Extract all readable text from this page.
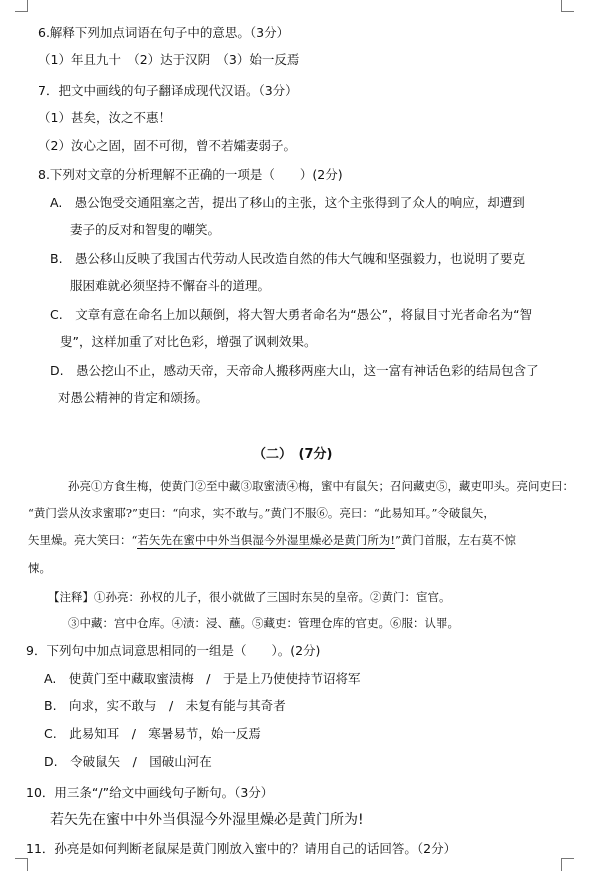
6.解释下列加点词语在句子中的意思。（3分）
（1）年且九十　（2）达于汉阴　（3）始一反焉
7．把文中画线的句子翻译成现代汉语。（3分）
（1）甚矣，汝之不惠！
（2）汝心之固，固不可彻，曾不若孀妻弱子。
8.下列对文章的分析理解不正确的一项是（　　）(2分)
A.　愚公饱受交通阻塞之苦，提出了移山的主张，这个主张得到了众人的响应，却遭到
妻子的反对和智叟的嘲笑。
B.　愚公移山反映了我国古代劳动人民改造自然的伟大气魄和坚强毅力，也说明了要克
服困难就必须坚持不懈奋斗的道理。
C.　文章有意在命名上加以颠倒，将大智大勇者命名为“愚公”，将鼠目寸光者命名为“智
叟”，这样加重了对比色彩，增强了讽刺效果。
D.　愚公挖山不止，感动天帝，天帝命人搬移两座大山，这一富有神话色彩的结局包含了
对愚公精神的肯定和颂扬。
（二）　(7分)
孙亮①方食生梅，使黄门②至中藏③取蜜渍④梅，蜜中有鼠矢；召问藏吏⑤，藏吏叩头。亮问吏曰：
“黄门尝从汝求蜜耶?”吏曰：“向求，实不敢与。”黄门不服⑥。亮曰：“此易知耳。”令破鼠矢，
矢里燥。亮大笑曰：“若矢先在蜜中中外当俱湿今外湿里燥必是黄门所为!”黄门首服，左右莫不惊
悚。
【注释】①孙亮：孙权的儿子，很小就做了三国时东吴的皇帝。②黄门：宦官。
③中藏：宫中仓库。④渍：浸、蘸。⑤藏吏：管理仓库的官吏。⑥服：认罪。
9．下列句中加点词意思相同的一组是（　　）。(2分)
A.　使黄门至中藏取蜜渍梅　/　于是上乃使使持节诏将军
B.　向求，实不敢与　/　未复有能与其奇者
C.　此易知耳　/　寒暑易节，始一反焉
D.　令破鼠矢　/　国破山河在
10．用三条“/”给文中画线句子断句。（3分）
若矢先在蜜中中外当俱湿今外湿里燥必是黄门所为!
11．孙亮是如何判断老鼠屎是黄门刚放入蜜中的？请用自己的话回答。（2分）
